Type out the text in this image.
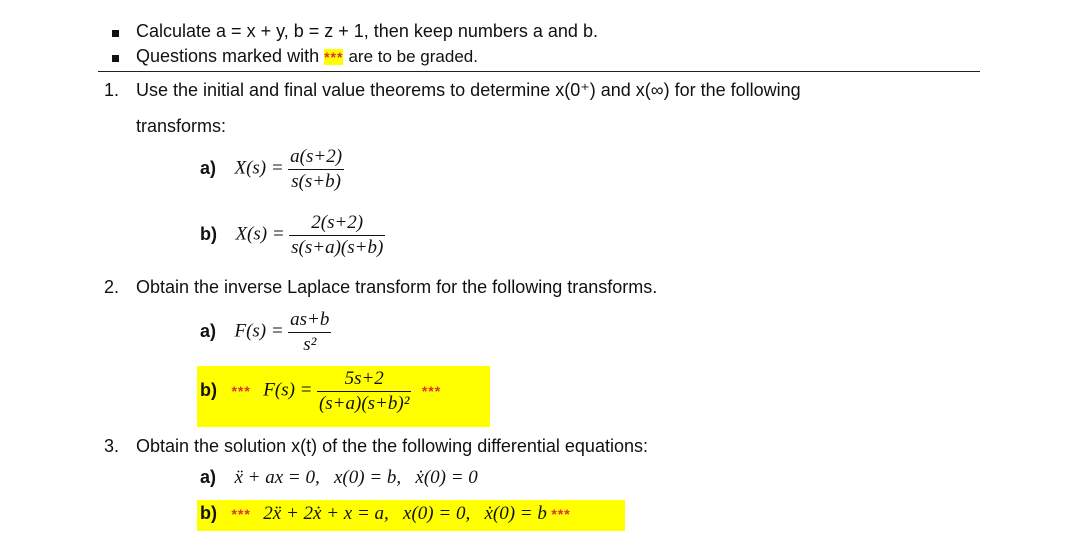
Calculate a = x + y, b = z + 1, then keep numbers a and b.
Questions marked with *** are to be graded.
1. Use the initial and final value theorems to determine x(0⁺) and x(∞) for the following
transforms:
a) $X(s) = \frac{a(s+2)}{s(s+b)}$
b) $X(s) = \frac{2(s+2)}{s(s+a)(s+b)}$
2. Obtain the inverse Laplace transform for the following transforms.
a) $F(s) = \frac{as+b}{\text{s²}}$
b) *** $F(s) = \frac{5s+2}{\text{(s+a)(s+b)²}}$ ***
3. Obtain the solution x(t) of the the following differential equations:
a) ẍ + ax = 0,   x(0) = b,   ẋ(0) = 0
b) *** 2ẍ + 2ẋ + x = a,   x(0) = 0,   ẋ(0) = b ***
